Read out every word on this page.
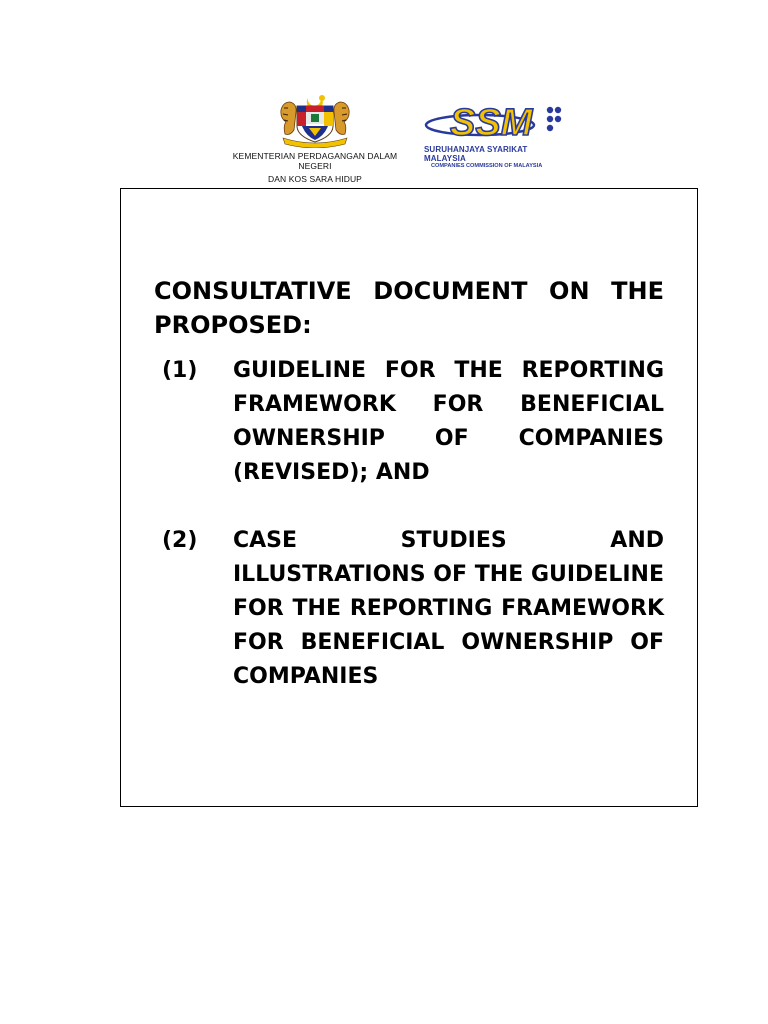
KEMENTERIAN PERDAGANGAN DALAM NEGERI
DAN KOS SARA HIDUP
SSM
SURUHANJAYA SYARIKAT MALAYSIA
COMPANIES COMMISSION OF MALAYSIA
CONSULTATIVE DOCUMENT ON THE PROPOSED:
(1)	GUIDELINE FOR THE REPORTING FRAMEWORK FOR BENEFICIAL OWNERSHIP OF COMPANIES (REVISED); AND
(2)	CASE STUDIES AND ILLUSTRATIONS OF THE GUIDELINE FOR THE REPORTING FRAMEWORK FOR BENEFICIAL OWNERSHIP OF COMPANIES
